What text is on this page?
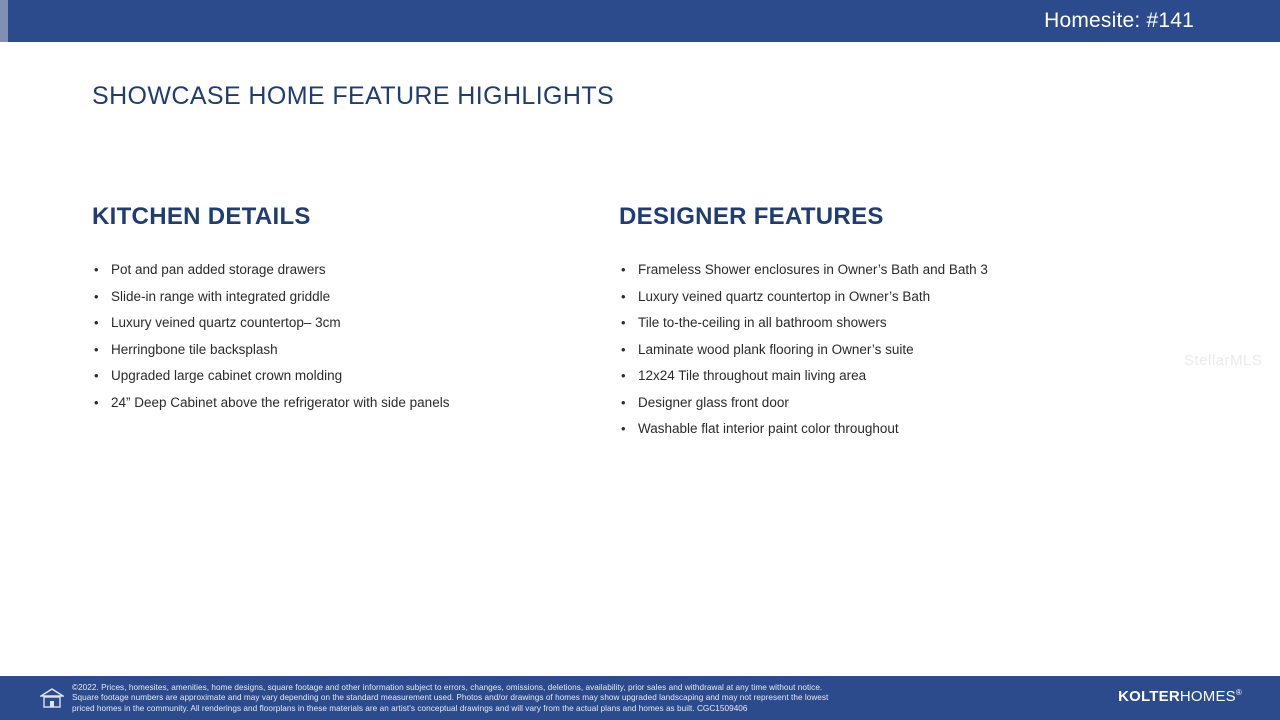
Homesite: #141
SHOWCASE HOME FEATURE HIGHLIGHTS
KITCHEN DETAILS
• Pot and pan added storage drawers
• Slide-in range with integrated griddle
• Luxury veined quartz countertop– 3cm
• Herringbone tile backsplash
• Upgraded large cabinet crown molding
• 24” Deep Cabinet above the refrigerator with side panels
DESIGNER FEATURES
• Frameless Shower enclosures in Owner’s Bath and Bath 3
• Luxury veined quartz countertop in Owner’s Bath
• Tile to-the-ceiling in all bathroom showers
• Laminate wood plank flooring in Owner’s suite
• 12x24 Tile throughout main living area
• Designer glass front door
• Washable flat interior paint color throughout
StellarMLS
©2022. Prices, homesites, amenities, home designs, square footage and other information subject to errors, changes, omissions, deletions, availability, prior sales and withdrawal at any time without notice.
Square footage numbers are approximate and may vary depending on the standard measurement used. Photos and/or drawings of homes may show upgraded landscaping and may not represent the lowest
priced homes in the community. All renderings and floorplans in these materials are an artist’s conceptual drawings and will vary from the actual plans and homes as built. CGC1509406
KOLTERHOMES®
